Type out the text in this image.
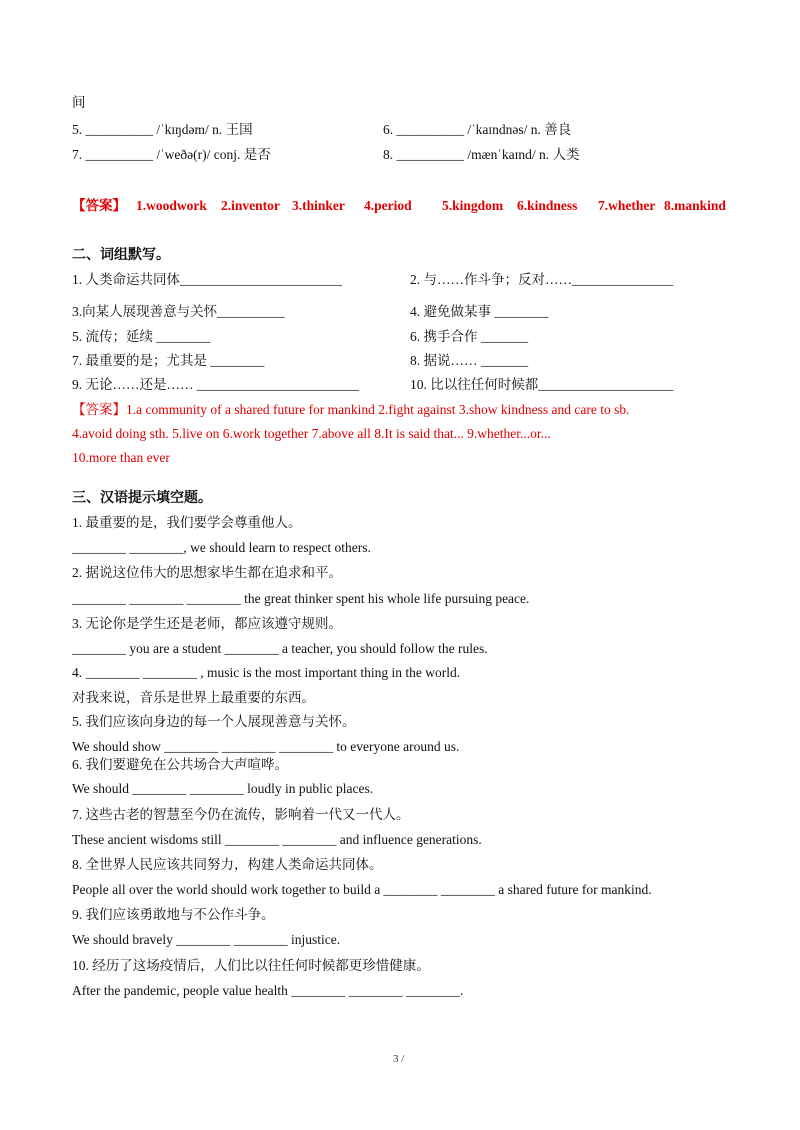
间
5. __________ /ˈkɪŋdəm/ n. 王国	6. __________ /ˈkaɪndnəs/ n. 善良
7. __________ /ˈweðə(r)/ conj. 是否	8. __________ /mænˈkaɪnd/ n. 人类
【答案】 1.woodwork 2.inventor 3.thinker 4.period 5.kingdom 6.kindness 7.whether 8.mankind
二、词组默写。
1. 人类命运共同体________________________	2. 与……作斗争；反对……_______________
3.向某人展现善意与关怀__________	4. 避免做某事 ________
5. 流传；延续 ________	6. 携手合作 _______
7. 最重要的是；尤其是 ________	8. 据说…… _______
9. 无论……还是…… ________________________	10. 比以往任何时候都____________________
【答案】1.a community of a shared future for mankind 2.fight against 3.show kindness and care to sb.
4.avoid doing sth. 5.live on 6.work together 7.above all 8.It is said that... 9.whether...or...
10.more than ever
三、汉语提示填空题。
1. 最重要的是，我们要学会尊重他人。
________ ________, we should learn to respect others.
2. 据说这位伟大的思想家毕生都在追求和平。
________ ________ ________ the great thinker spent his whole life pursuing peace.
3. 无论你是学生还是老师，都应该遵守规则。
________ you are a student ________ a teacher, you should follow the rules.
4. ________ ________ , music is the most important thing in the world.
对我来说，音乐是世界上最重要的东西。
5. 我们应该向身边的每一个人展现善意与关怀。
We should show ________ ________ ________ to everyone around us.
6. 我们要避免在公共场合大声喧哗。
We should ________ ________ loudly in public places.
7. 这些古老的智慧至今仍在流传，影响着一代又一代人。
These ancient wisdoms still ________ ________ and influence generations.
8. 全世界人民应该共同努力，构建人类命运共同体。
People all over the world should work together to build a ________ ________ a shared future for mankind.
9. 我们应该勇敢地与不公作斗争。
We should bravely ________ ________ injustice.
10. 经历了这场疫情后，人们比以往任何时候都更珍惜健康。
After the pandemic, people value health ________ ________ ________.
3 /
